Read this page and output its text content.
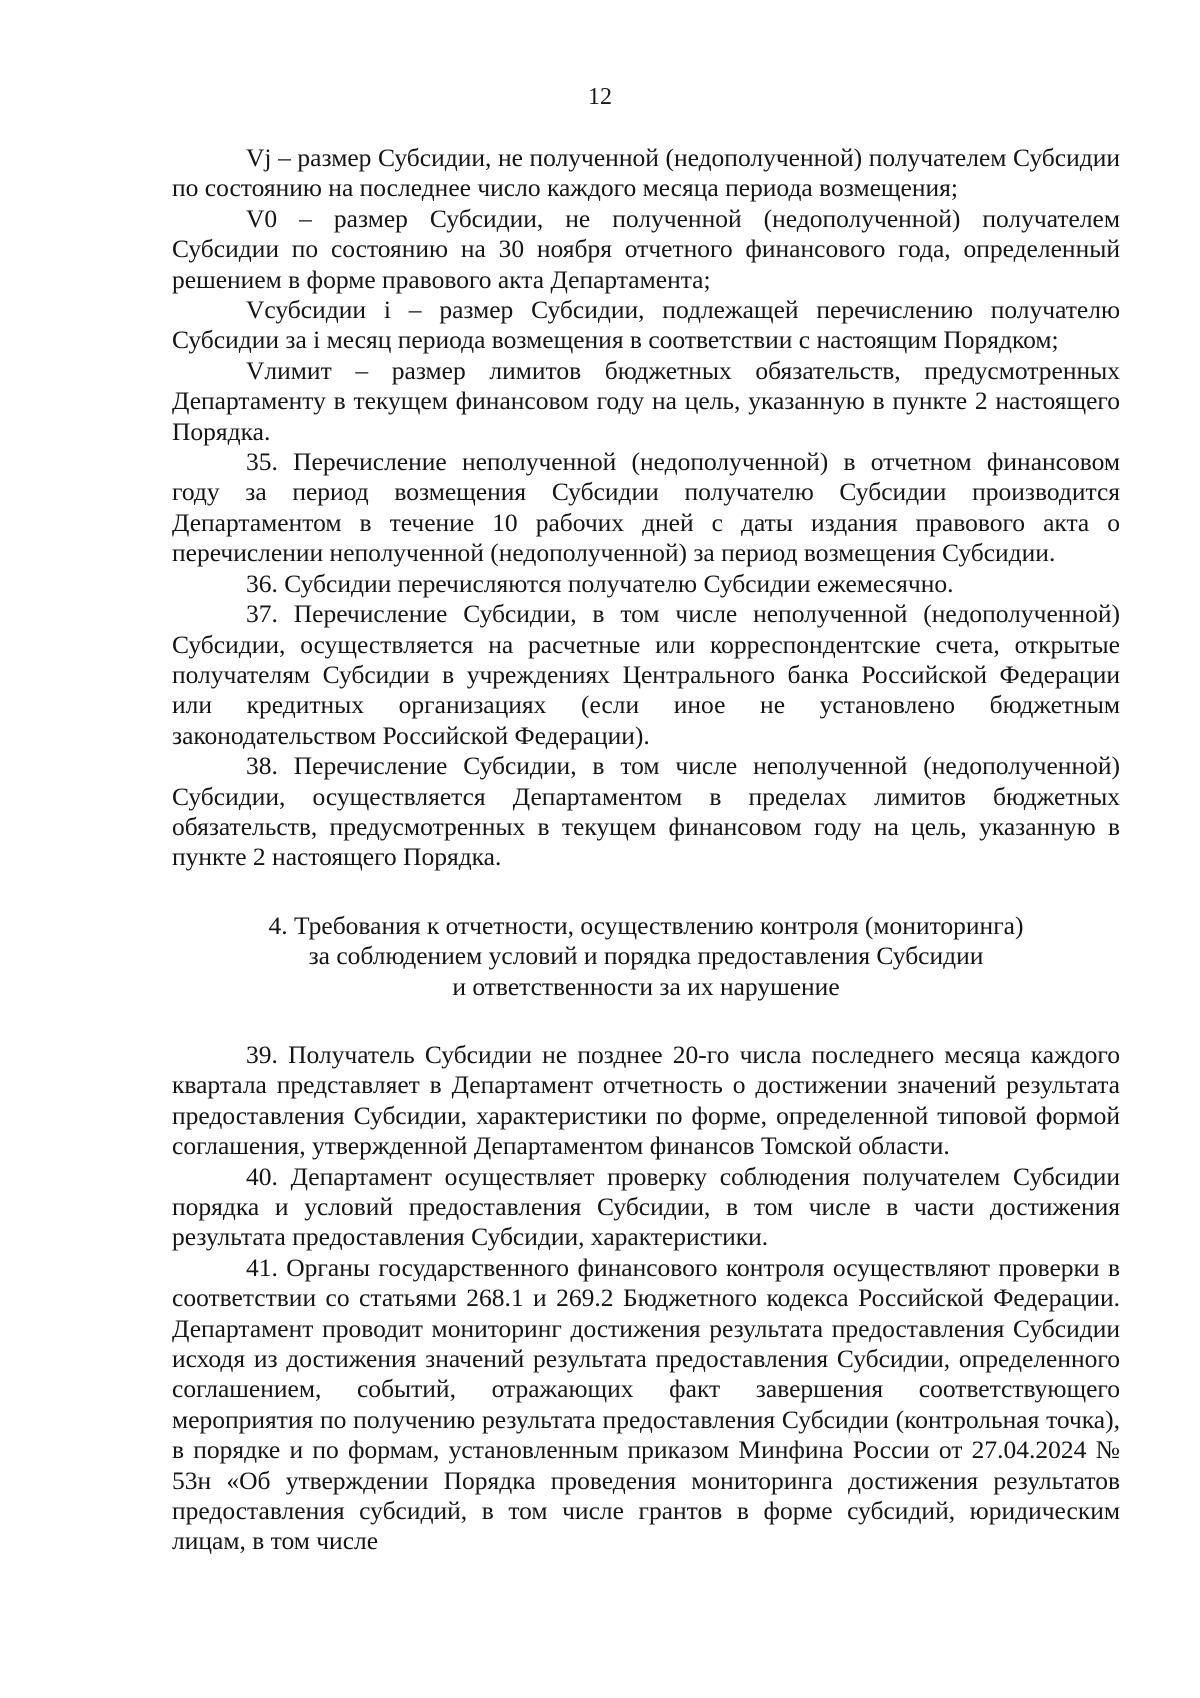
12

Vj – размер Субсидии, не полученной (недополученной) получателем Субсидии по состоянию на последнее число каждого месяца периода возмещения;

V0 – размер Субсидии, не полученной (недополученной) получателем Субсидии по состоянию на 30 ноября отчетного финансового года, определенный решением в форме правового акта Департамента;

Vсубсидии i – размер Субсидии, подлежащей перечислению получателю Субсидии за i месяц периода возмещения в соответствии с настоящим Порядком;

Vлимит – размер лимитов бюджетных обязательств, предусмотренных Департаменту в текущем финансовом году на цель, указанную в пункте 2 настоящего Порядка.

35. Перечисление неполученной (недополученной) в отчетном финансовом году за период возмещения Субсидии получателю Субсидии производится Департаментом в течение 10 рабочих дней с даты издания правового акта о перечислении неполученной (недополученной) за период возмещения Субсидии.

36. Субсидии перечисляются получателю Субсидии ежемесячно.

37. Перечисление Субсидии, в том числе неполученной (недополученной) Субсидии, осуществляется на расчетные или корреспондентские счета, открытые получателям Субсидии в учреждениях Центрального банка Российской Федерации или кредитных организациях (если иное не установлено бюджетным законодательством Российской Федерации).

38. Перечисление Субсидии, в том числе неполученной (недополученной) Субсидии, осуществляется Департаментом в пределах лимитов бюджетных обязательств, предусмотренных в текущем финансовом году на цель, указанную в пункте 2 настоящего Порядка.

4. Требования к отчетности, осуществлению контроля (мониторинга)
за соблюдением условий и порядка предоставления Субсидии
и ответственности за их нарушение

39. Получатель Субсидии не позднее 20-го числа последнего месяца каждого квартала представляет в Департамент отчетность о достижении значений результата предоставления Субсидии, характеристики по форме, определенной типовой формой соглашения, утвержденной Департаментом финансов Томской области.

40. Департамент осуществляет проверку соблюдения получателем Субсидии порядка и условий предоставления Субсидии, в том числе в части достижения результата предоставления Субсидии, характеристики.

41. Органы государственного финансового контроля осуществляют проверки в соответствии со статьями 268.1 и 269.2 Бюджетного кодекса Российской Федерации. Департамент проводит мониторинг достижения результата предоставления Субсидии исходя из достижения значений результата предоставления Субсидии, определенного соглашением, событий, отражающих факт завершения соответствующего мероприятия по получению результата предоставления Субсидии (контрольная точка), в порядке и по формам, установленным приказом Минфина России от 27.04.2024 № 53н «Об утверждении Порядка проведения мониторинга достижения результатов предоставления субсидий, в том числе грантов в форме субсидий, юридическим лицам, в том числе
